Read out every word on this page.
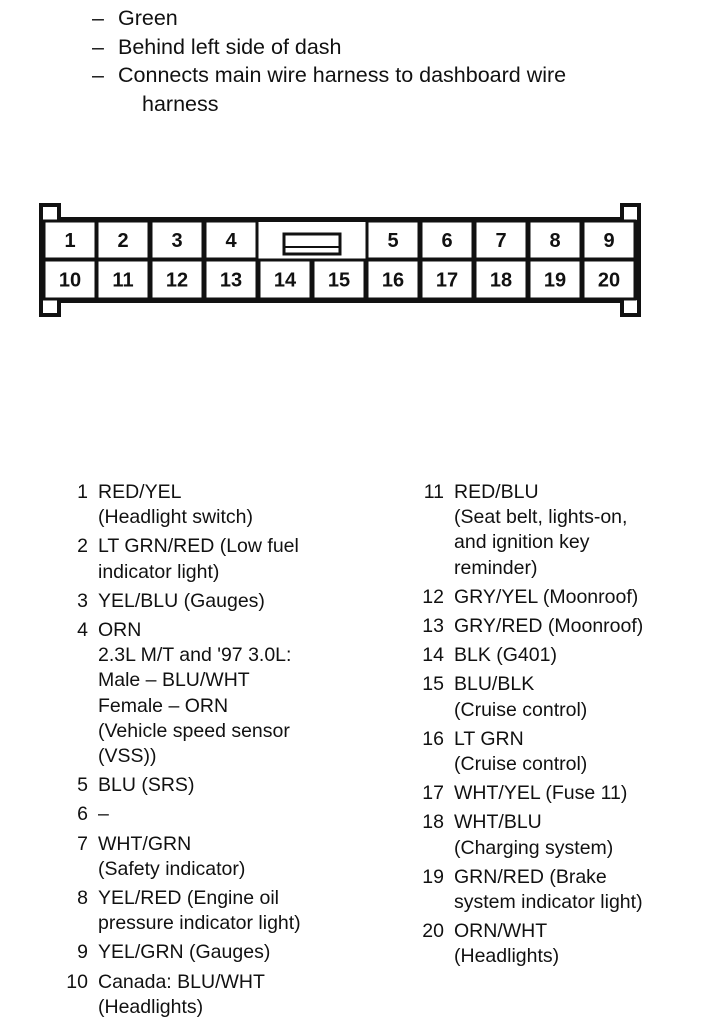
– Green
– Behind left side of dash
– Connects main wire harness to dashboard wire
harness
1 2 3 4	5 6 7 8 9
10 11 12 13 14 15 16 17 18 19 20
1 RED/YEL
(Headlight switch)
2 LT GRN/RED (Low fuel
indicator light)
3 YEL/BLU (Gauges)
4 ORN
2.3L M/T and '97 3.0L:
Male – BLU/WHT
Female – ORN
(Vehicle speed sensor
(VSS))
5 BLU (SRS)
6 –
7 WHT/GRN
(Safety indicator)
8 YEL/RED (Engine oil
pressure indicator light)
9 YEL/GRN (Gauges)
10 Canada: BLU/WHT
(Headlights)
11 RED/BLU
(Seat belt, lights-on,
and ignition key
reminder)
12 GRY/YEL (Moonroof)
13 GRY/RED (Moonroof)
14 BLK (G401)
15 BLU/BLK
(Cruise control)
16 LT GRN
(Cruise control)
17 WHT/YEL (Fuse 11)
18 WHT/BLU
(Charging system)
19 GRN/RED (Brake
system indicator light)
20 ORN/WHT
(Headlights)
